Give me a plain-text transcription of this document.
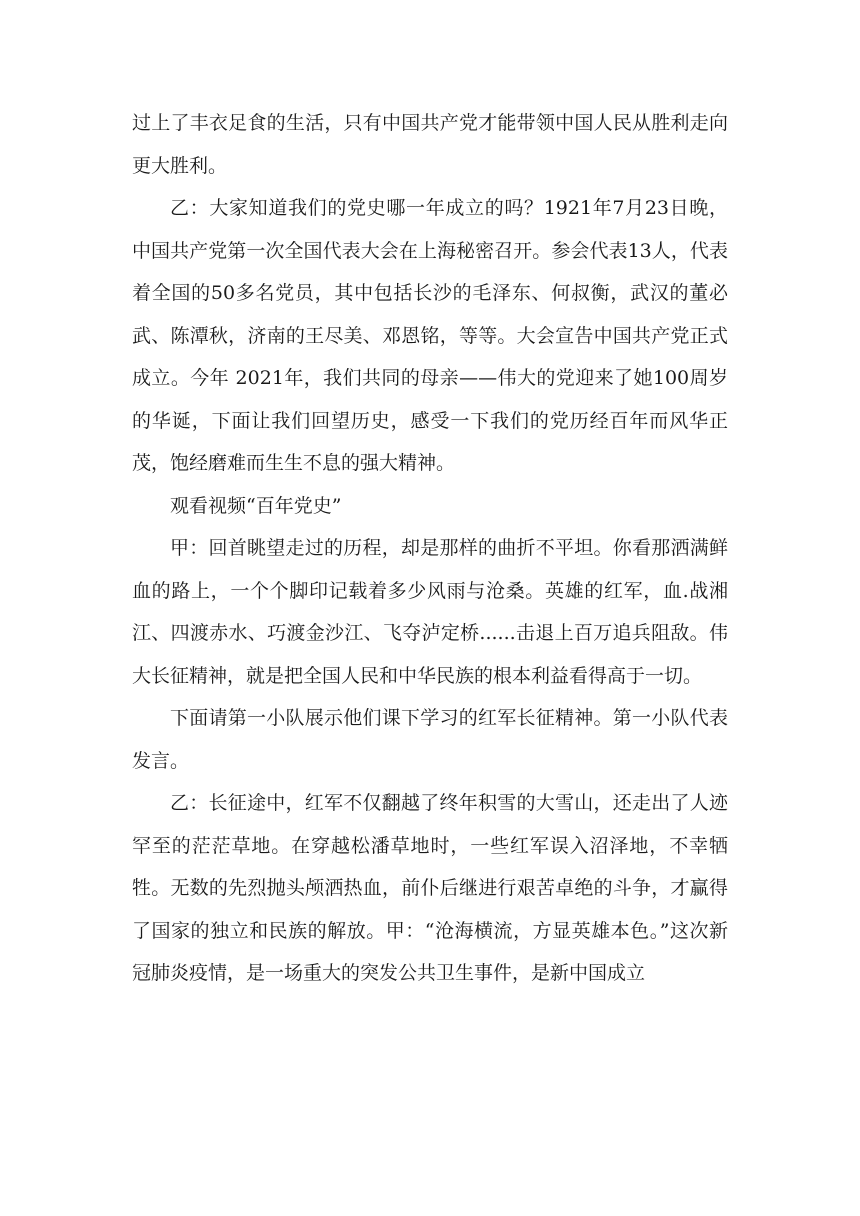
过上了丰衣足食的生活，只有中国共产党才能带领中国人民从胜利走向更大胜利。

乙：大家知道我们的党史哪一年成立的吗？1921年7月23日晚，中国共产党第一次全国代表大会在上海秘密召开。参会代表13人，代表着全国的50多名党员，其中包括长沙的毛泽东、何叔衡，武汉的董必武、陈潭秋，济南的王尽美、邓恩铭，等等。大会宣告中国共产党正式成立。今年 2021年，我们共同的母亲——伟大的党迎来了她100周岁的华诞，下面让我们回望历史，感受一下我们的党历经百年而风华正茂，饱经磨难而生生不息的强大精神。

观看视频“百年党史”

甲：回首眺望走过的历程，却是那样的曲折不平坦。你看那洒满鲜血的路上，一个个脚印记载着多少风雨与沧桑。英雄的红军，血.战湘江、四渡赤水、巧渡金沙江、飞夺泸定桥......击退上百万追兵阻敌。伟大长征精神，就是把全国人民和中华民族的根本利益看得高于一切。

下面请第一小队展示他们课下学习的红军长征精神。第一小队代表发言。

乙：长征途中，红军不仅翻越了终年积雪的大雪山，还走出了人迹罕至的茫茫草地。在穿越松潘草地时，一些红军误入沼泽地，不幸牺牲。无数的先烈抛头颅洒热血，前仆后继进行艰苦卓绝的斗争，才赢得了国家的独立和民族的解放。甲：“沧海横流，方显英雄本色。”这次新冠肺炎疫情，是一场重大的突发公共卫生事件，是新中国成立
